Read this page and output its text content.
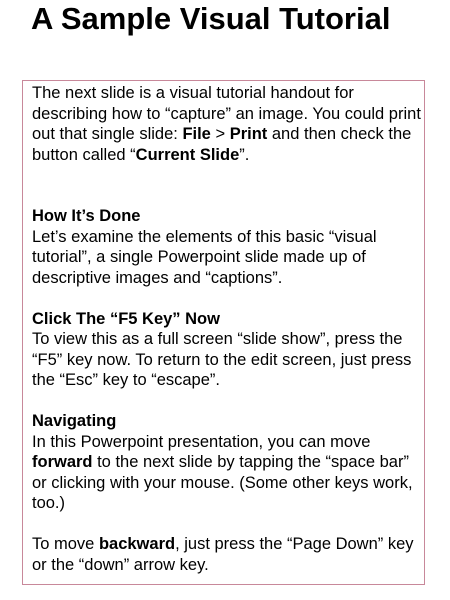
A Sample Visual Tutorial

The next slide is a visual tutorial handout for describing how to “capture” an image. You could print out that single slide: File > Print and then check the button called “Current Slide”.

How It’s Done

Let’s examine the elements of this basic “visual tutorial”, a single Powerpoint slide made up of descriptive images and “captions”.

Click The “F5 Key” Now

To view this as a full screen “slide show”, press the “F5” key now. To return to the edit screen, just press the “Esc” key to “escape”.

Navigating

In this Powerpoint presentation, you can move forward to the next slide by tapping the “space bar” or clicking with your mouse. (Some other keys work, too.)

To move backward, just press the “Page Down” key or the “down” arrow key.
